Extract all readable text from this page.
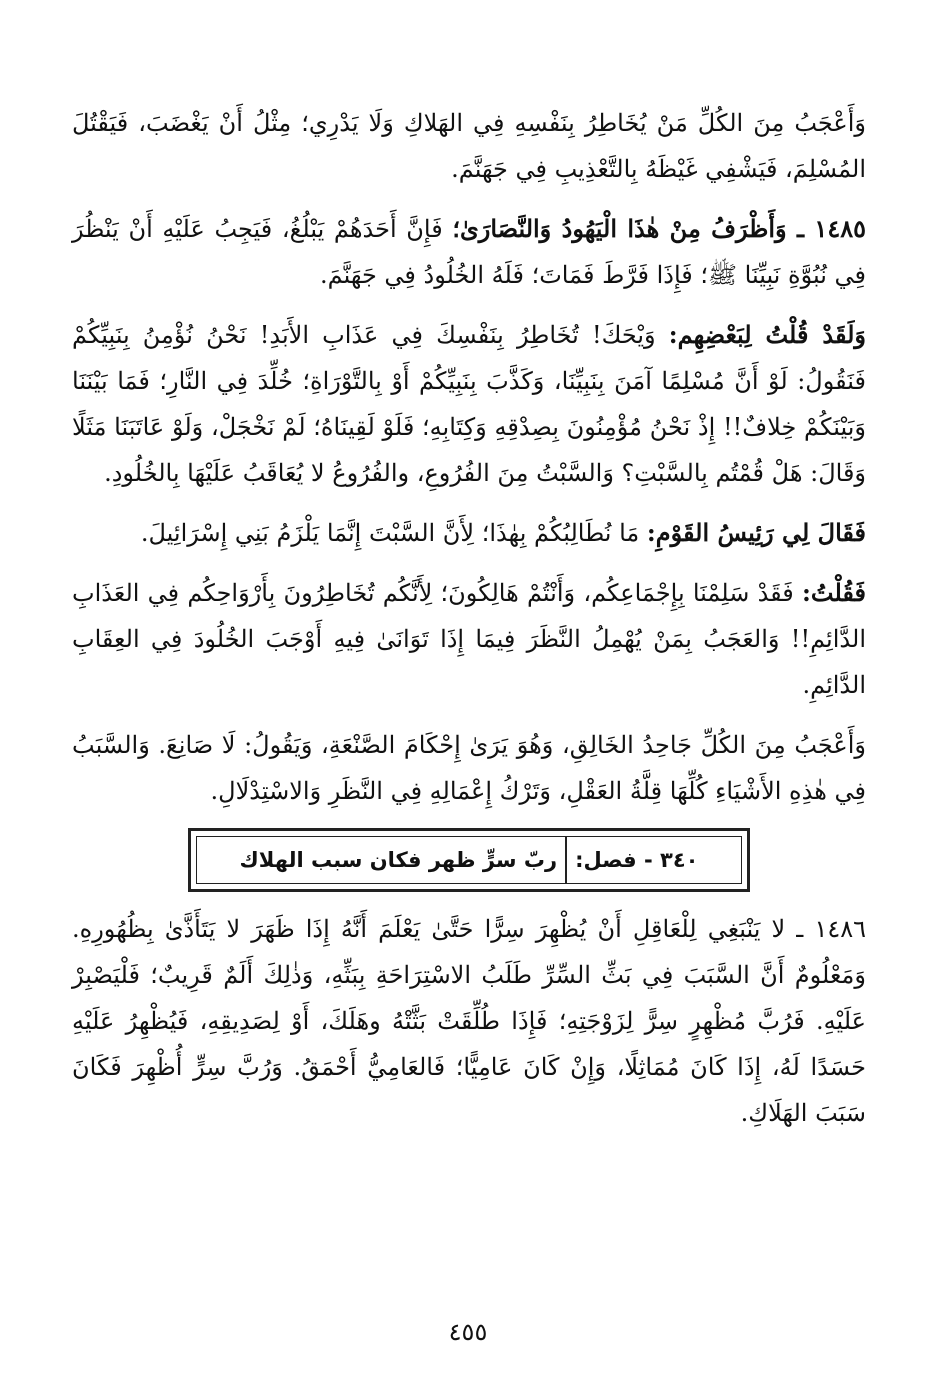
وَأَعْجَبُ مِنَ الكُلِّ مَنْ يُخَاطِرُ بِنَفْسِهِ فِي الهَلاكِ وَلَا يَدْرِي؛ مِثْلُ أَنْ يَغْضَبَ، فَيَقْتُلَ المُسْلِمَ، فَيَشْفِي غَيْظَهُ بِالتَّعْذِيبِ فِي جَهَنَّمَ.

١٤٨٥ ـ وَأَظْرَفُ مِنْ هٰذَا الْيَهُودُ وَالنَّصَارَىٰ؛ فَإِنَّ أَحَدَهُمْ يَبْلُغُ، فَيَجِبُ عَلَيْهِ أَنْ يَنْظُرَ فِي نُبُوَّةِ نَبِيِّنَا ﷺ؛ فَإِذَا فَرَّطَ فَمَاتَ؛ فَلَهُ الخُلُودُ فِي جَهَنَّمَ.

وَلَقَدْ قُلْتُ لِبَعْضِهِم: وَيْحَكَ! تُخَاطِرُ بِنَفْسِكَ فِي عَذَابِ الأَبَدِ! نَحْنُ نُؤْمِنُ بِنَبِيِّكُمْ فَنَقُولُ: لَوْ أَنَّ مُسْلِمًا آمَنَ بِنَبِيِّنَا، وَكَذَّبَ بِنَبِيِّكُمْ أَوْ بِالتَّوْرَاةِ؛ خُلِّدَ فِي النَّارِ؛ فَمَا بَيْنَنَا وَبَيْنَكُمْ خِلافٌ!! إِذْ نَحْنُ مُؤْمِنُونَ بِصِدْقِهِ وَكِتَابِهِ؛ فَلَوْ لَقِينَاهُ؛ لَمْ نَخْجَلْ، وَلَوْ عَاتَبَنَا مَثَلًا وَقَالَ: هَلْ قُمْتُم بِالسَّبْتِ؟ وَالسَّبْتُ مِنَ الفُرُوعِ، والفُرُوعُ لا يُعَاقَبُ عَلَيْهَا بِالخُلُودِ.

فَقَالَ لِي رَئِيسُ القَوْمِ: مَا نُطَالِبُكُمْ بِهٰذَا؛ لِأَنَّ السَّبْتَ إِنَّمَا يَلْزَمُ بَنِي إِسْرَائِيلَ.

فَقُلْتُ: فَقَدْ سَلِمْنَا بِإِجْمَاعِكُم، وَأَنْتُمْ هَالِكُونَ؛ لِأَنَّكُم تُخَاطِرُونَ بِأَرْوَاحِكُم فِي العَذَابِ الدَّائِمِ!! وَالعَجَبُ بِمَنْ يُهْمِلُ النَّظَرَ فِيمَا إِذَا تَوَانَىٰ فِيهِ أَوْجَبَ الخُلُودَ فِي العِقَابِ الدَّائِمِ.

وَأَعْجَبُ مِنَ الكُلِّ جَاحِدُ الخَالِقِ، وَهُوَ يَرَىٰ إِحْكَامَ الصَّنْعَةِ، وَيَقُولُ: لَا صَانِعَ. وَالسَّبَبُ فِي هٰذِهِ الأَشْيَاءِ كُلِّهَا قِلَّةُ العَقْلِ، وَتَرْكُ إِعْمَالِهِ فِي النَّظَرِ وَالاسْتِدْلَالِ.

٣٤٠ - فصل:
ربّ سرٍّ ظهر فكان سبب الهلاك

١٤٨٦ ـ لا يَنْبَغِي لِلْعَاقِلِ أَنْ يُظْهِرَ سِرًّا حَتَّىٰ يَعْلَمَ أَنَّهُ إِذَا ظَهَرَ لا يَتَأَذَّىٰ بِظُهُورِهِ. وَمَعْلُومٌ أَنَّ السَّبَبَ فِي بَثِّ السِّرِّ طَلَبُ الاسْتِرَاحَةِ بِبَثِّهِ، وَذٰلِكَ أَلَمٌ قَرِيبٌ؛ فَلْيَصْبِرْ عَلَيْهِ. فَرُبَّ مُظْهِرٍ سِرًّ لِزَوْجَتِهِ؛ فَإِذَا طُلِّقَتْ بَثَّتْهُ وهَلَكَ، أَوْ لِصَدِيقِهِ، فَيُظْهِرُ عَلَيْهِ حَسَدًا لَهُ، إِذَا كَانَ مُمَاثِلًا، وَإِنْ كَانَ عَامِيًّا؛ فَالعَامِيُّ أَحْمَقُ. وَرُبَّ سِرٍّ أُظْهِرَ فَكَانَ سَبَبَ الهَلَاكِ.

٤٥٥
